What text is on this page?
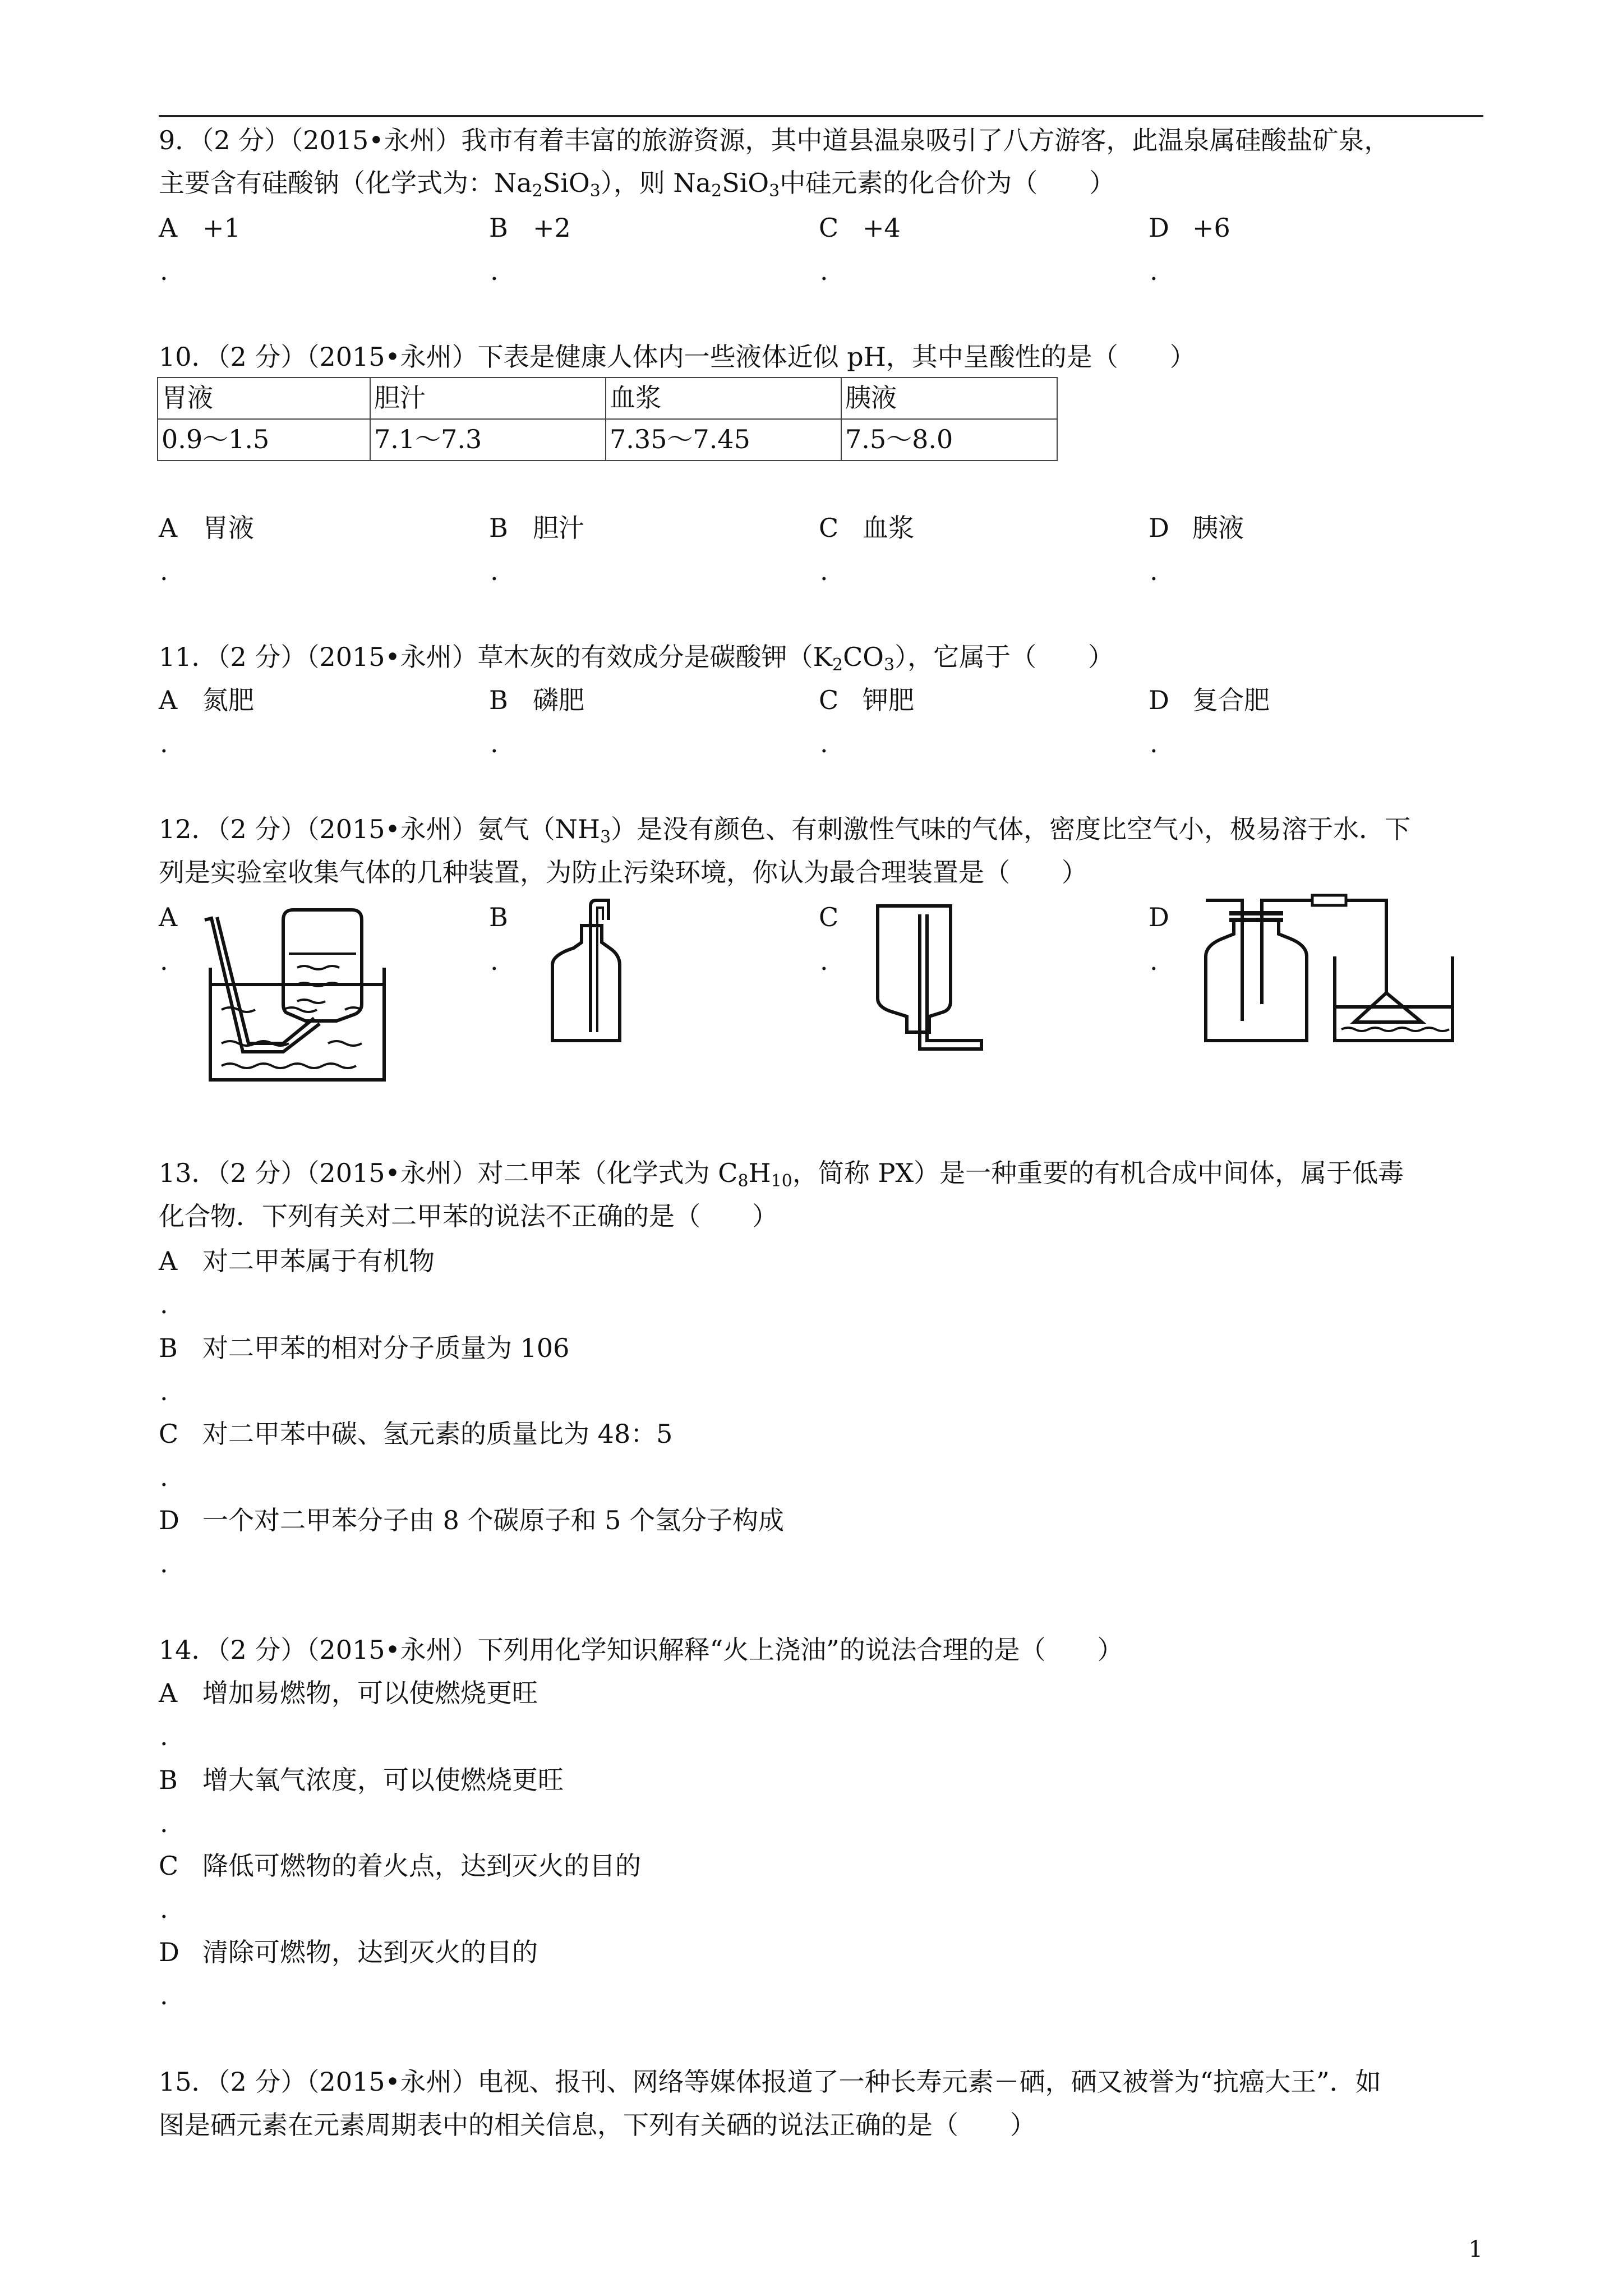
9．（2 分）（2015•永州）我市有着丰富的旅游资源，其中道县温泉吸引了八方游客，此温泉属硅酸盐矿泉，
主要含有硅酸钠（化学式为：$Na_2SiO_3$），则 $Na_2SiO_3$中硅元素的化合价为（　　）
A +1	B +2	C +4	D +6
.	.	.	.
10．（2 分）（2015•永州）下表是健康人体内一些液体近似 pH，其中呈酸性的是（　　）
胃液	胆汁	血浆	胰液
0.9～1.5	7.1～7.3	7.35～7.45	7.5～8.0
A 胃液	B 胆汁	C 血浆	D 胰液
.	.	.	.
11．（2 分）（2015•永州）草木灰的有效成分是碳酸钾$(K_2CO_3)$，它属于（　　）
A 氮肥	B 磷肥	C 钾肥	D 复合肥
.	.	.	.
12．（2 分）（2015•永州）氨气$(NH_3)$是没有颜色、有刺激性气味的气体，密度比空气小，极易溶于水．下
列是实验室收集气体的几种装置，为防止污染环境，你认为最合理装置是（　　）
A	B	C	D
.	.	.	.
13．（2 分）（2015•永州）对二甲苯（化学式为 $C_8H_{10}$，简称 PX）是一种重要的有机合成中间体，属于低毒
化合物．下列有关对二甲苯的说法不正确的是（　　）
A 对二甲苯属于有机物
.
B 对二甲苯的相对分子质量为 106
.
C 对二甲苯中碳、氢元素的质量比为 48：5
.
D 一个对二甲苯分子由 8 个碳原子和 5 个氢分子构成
.
14．（2 分）（2015•永州）下列用化学知识解释“火上浇油”的说法合理的是（　　）
A 增加易燃物，可以使燃烧更旺
.
B 增大氧气浓度，可以使燃烧更旺
.
C 降低可燃物的着火点，达到灭火的目的
.
D 清除可燃物，达到灭火的目的
.
15．（2 分）（2015•永州）电视、报刊、网络等媒体报道了一种长寿元素－硒，硒又被誉为“抗癌大王”．如
图是硒元素在元素周期表中的相关信息，下列有关硒的说法正确的是（　　）
1
